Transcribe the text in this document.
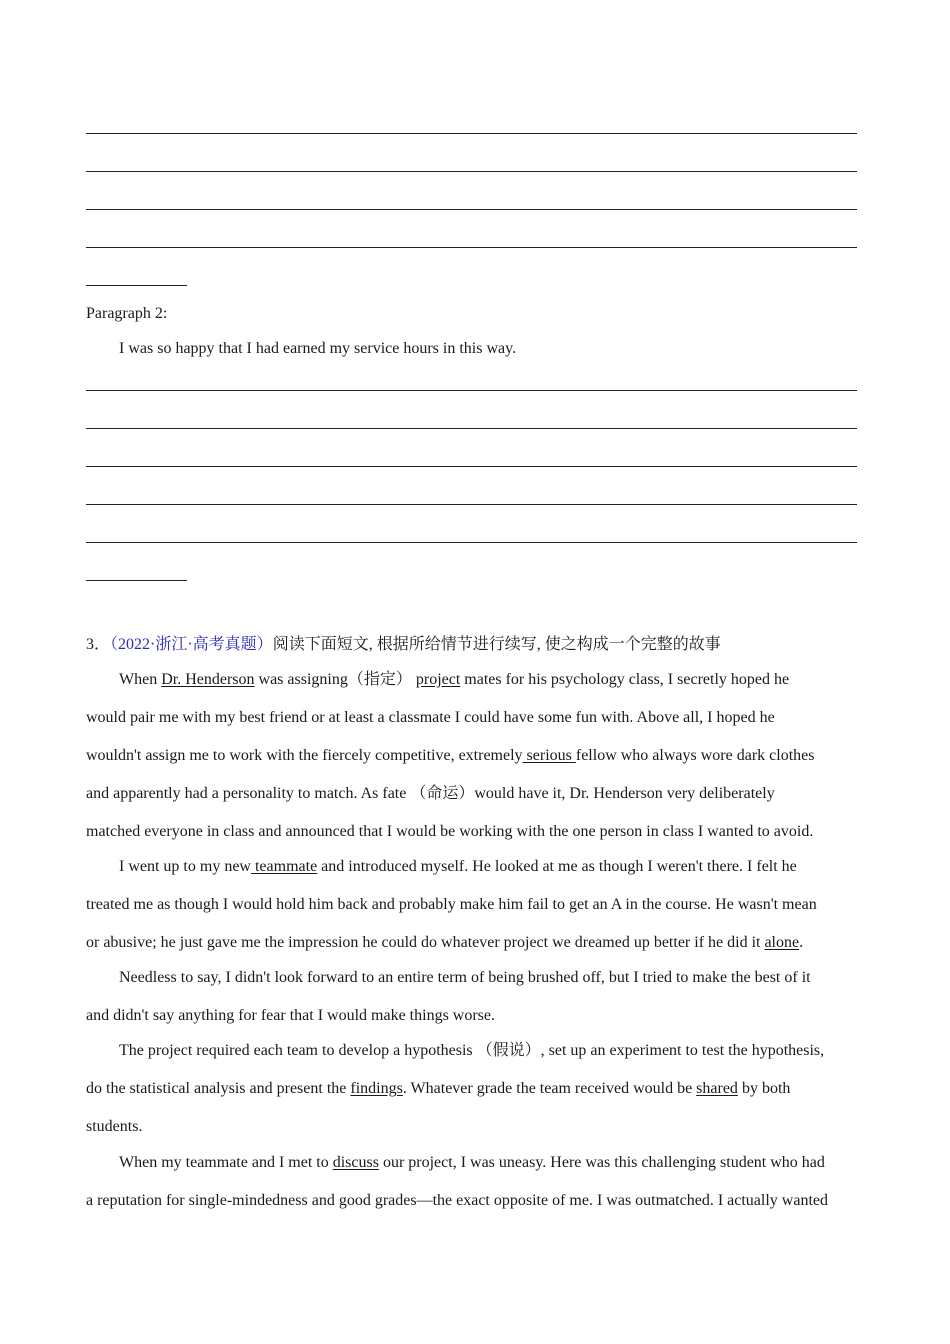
Paragraph 2:
I was so happy that I had earned my service hours in this way.
3．（2022·浙江·高考真题）阅读下面短文, 根据所给情节进行续写, 使之构成一个完整的故事
When Dr. Henderson was assigning（指定） project mates for his psychology class, I secretly hoped he
would pair me with my best friend or at least a classmate I could have some fun with. Above all, I hoped he
wouldn't assign me to work with the fiercely competitive, extremely serious fellow who always wore dark clothes
and apparently had a personality to match. As fate （命运）would have it, Dr. Henderson very deliberately
matched everyone in class and announced that I would be working with the one person in class I wanted to avoid.
I went up to my new teammate and introduced myself. He looked at me as though I weren't there. I felt he
treated me as though I would hold him back and probably make him fail to get an A in the course. He wasn't mean
or abusive; he just gave me the impression he could do whatever project we dreamed up better if he did it alone.
Needless to say, I didn't look forward to an entire term of being brushed off, but I tried to make the best of it
and didn't say anything for fear that I would make things worse.
The project required each team to develop a hypothesis （假说）, set up an experiment to test the hypothesis,
do the statistical analysis and present the findings. Whatever grade the team received would be shared by both
students.
When my teammate and I met to discuss our project, I was uneasy. Here was this challenging student who had
a reputation for single-mindedness and good grades—the exact opposite of me. I was outmatched. I actually wanted
